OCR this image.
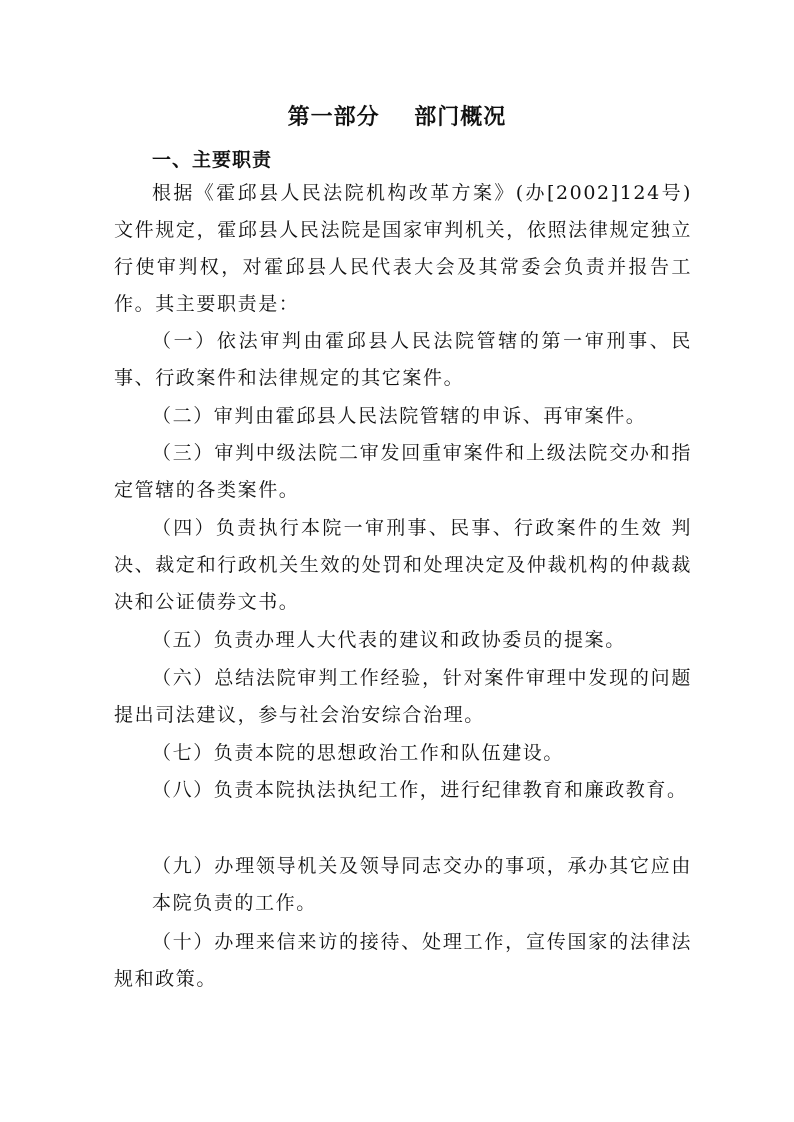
第一部分    部门概况
一、主要职责

根据《霍邱县人民法院机构改革方案》(办[2002]124号)文件规定，霍邱县人民法院是国家审判机关，依照法律规定独立行使审判权，对霍邱县人民代表大会及其常委会负责并报告工作。其主要职责是：

（一）依法审判由霍邱县人民法院管辖的第一审刑事、民事、行政案件和法律规定的其它案件。

（二）审判由霍邱县人民法院管辖的申诉、再审案件。

（三）审判中级法院二审发回重审案件和上级法院交办和指定管辖的各类案件。

（四）负责执行本院一审刑事、民事、行政案件的生效 判决、裁定和行政机关生效的处罚和处理决定及仲裁机构的仲裁裁决和公证债券文书。

（五）负责办理人大代表的建议和政协委员的提案。

（六）总结法院审判工作经验，针对案件审理中发现的问题提出司法建议，参与社会治安综合治理。

（七）负责本院的思想政治工作和队伍建设。

（八）负责本院执法执纪工作，进行纪律教育和廉政教育。

（九）办理领导机关及领导同志交办的事项，承办其它应由本院负责的工作。

（十）办理来信来访的接待、处理工作，宣传国家的法律法规和政策。
